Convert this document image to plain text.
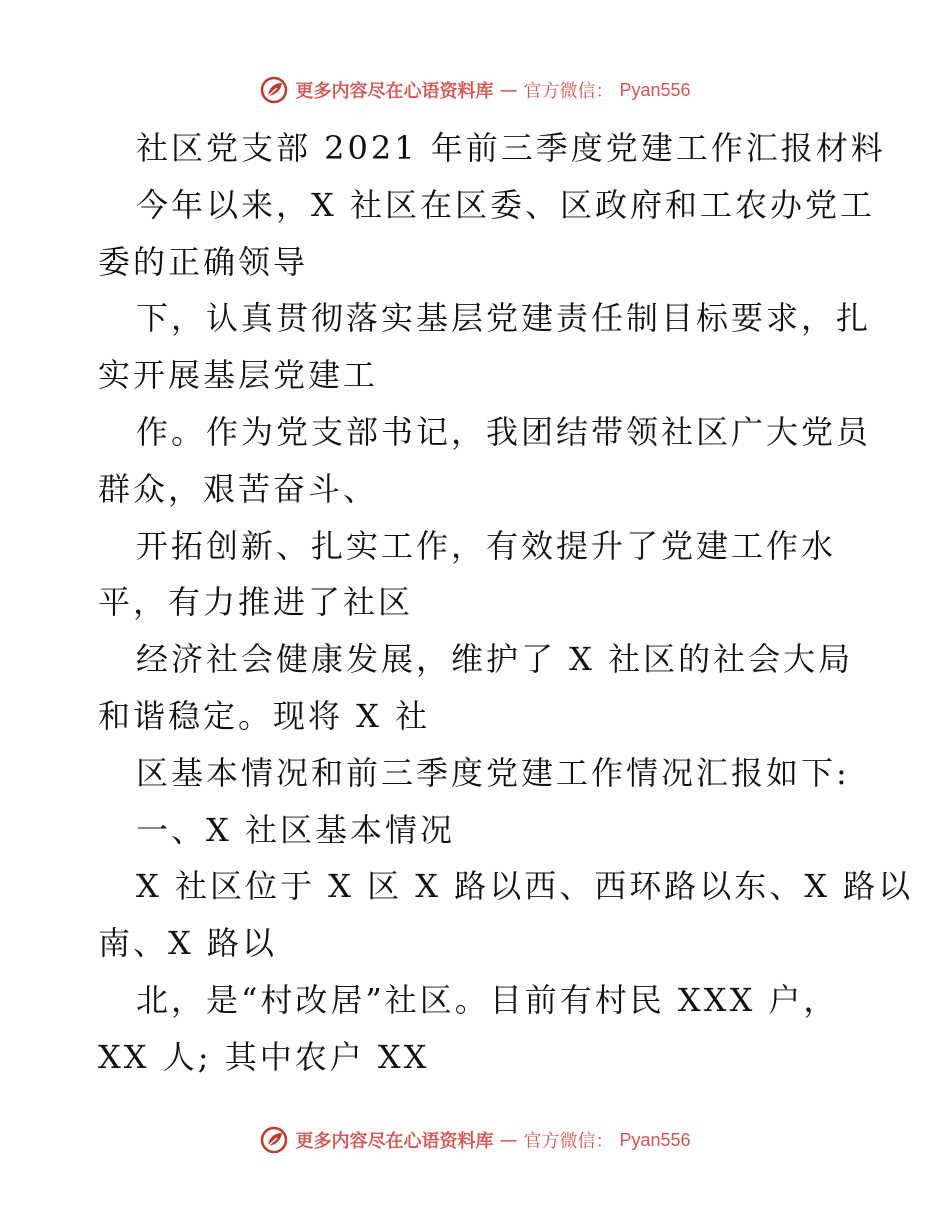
更多内容尽在心语资料库 — 官方微信： Pyan556
社区党支部 2021 年前三季度党建工作汇报材料
今年以来，X 社区在区委、区政府和工农办党工
委的正确领导
下，认真贯彻落实基层党建责任制目标要求，扎
实开展基层党建工
作。作为党支部书记，我团结带领社区广大党员
群众，艰苦奋斗、
开拓创新、扎实工作，有效提升了党建工作水
平，有力推进了社区
经济社会健康发展，维护了 X 社区的社会大局
和谐稳定。现将 X 社
区基本情况和前三季度党建工作情况汇报如下:
一、X 社区基本情况
X 社区位于 X 区 X 路以西、西环路以东、X 路以
南、X 路以
北，是“村改居”社区。目前有村民 XXX 户，
XX 人; 其中农户 XX
更多内容尽在心语资料库 — 官方微信： Pyan556
